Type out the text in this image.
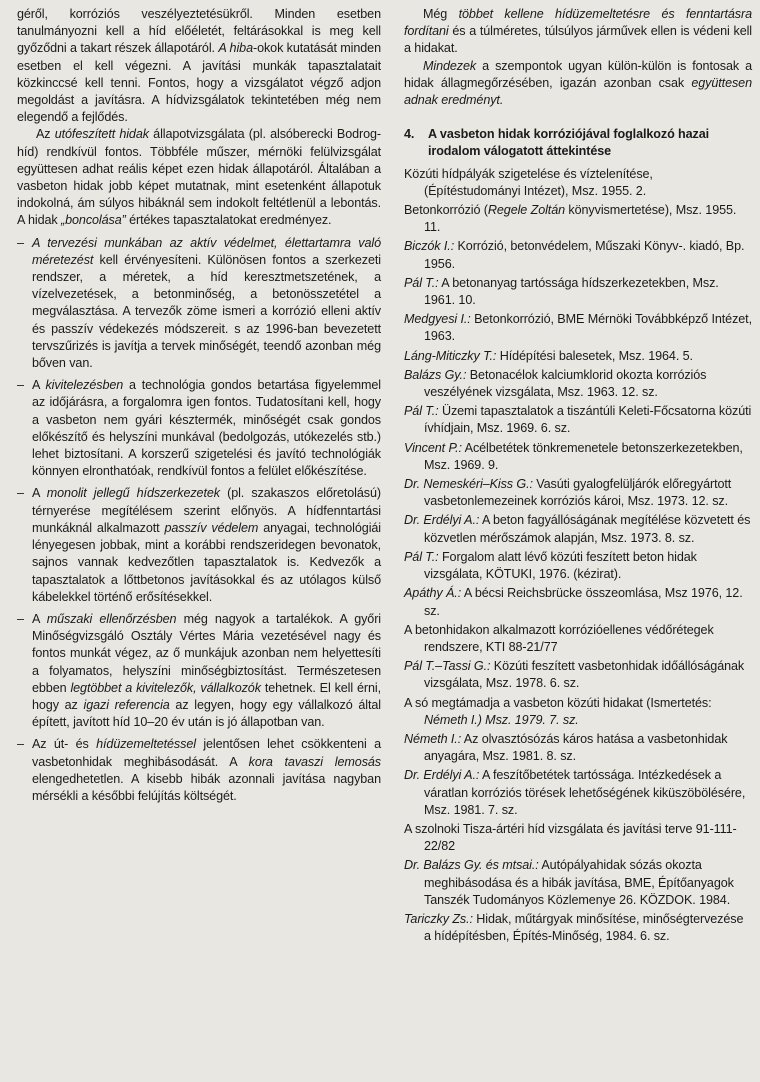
géről, korróziós veszélyeztetésükről. Minden esetben tanulmányozni kell a híd előéletét, feltárásokkal is meg kell győződni a takart részek állapotáról. A hiba-okok kutatását minden esetben el kell végezni. A javítási munkák tapasztalatait közkinccsé kell tenni. Fontos, hogy a vizsgálatot végző adjon megoldást a javításra. A hídvizsgálatok tekintetében még nem elegendő a fejlődés.

Az utófeszített hidak állapotvizsgálata (pl. alsóberecki Bodrog-híd) rendkívül fontos. Többféle műszer, mérnöki felülvizsgálat együttesen adhat reális képet ezen hidak állapotáról. Általában a vasbeton hidak jobb képet mutatnak, mint esetenként állapotuk indokolná, ám súlyos hibáknál sem indokolt feltétlenül a lebontás. A hidak „boncolása” értékes tapasztalatokat eredményez.

– A tervezési munkában az aktív védelmet, élettartamra való méretezést kell érvényesíteni. Különösen fontos a szerkezeti rendszer, a méretek, a híd keresztmetszetének, a vízelvezetések, a betonminőség, a betonösszetétel a megválasztása. A tervezők zöme ismeri a korrózió elleni aktív és passzív védekezés módszereit. s az 1996-ban bevezetett tervszűrizés is javítja a tervek minőségét, teendő azonban még bőven van.

– A kivitelezésben a technológia gondos betartása figyelemmel az időjárásra, a forgalomra igen fontos. Tudatosítani kell, hogy a vasbeton nem gyári késztermék, minőségét csak gondos előkészítő és helyszíni munkával (bedolgozás, utókezelés stb.) lehet biztosítani. A korszerű szigetelési és javító technológiák könnyen elronthatóak, rendkívül fontos a felület előkészítése.

– A monolit jellegű hídszerkezetek (pl. szakaszos előretolású) térnyerése megítélésem szerint előnyös. A hídfenntartási munkáknál alkalmazott passzív védelem anyagai, technológiái lényegesen jobbak, mint a korábbi rendszeridegen bevonatok, sajnos vannak kedvezőtlen tapasztalatok is. Kedvezők a tapasztalatok a lőttbetonos javításokkal és az utólagos külső kábelekkel történő erősítésekkel.

– A műszaki ellenőrzésben még nagyok a tartalékok. A győri Minőségvizsgáló Osztály Vértes Mária vezetésével nagy és fontos munkát végez, az ő munkájuk azonban nem helyettesíti a folyamatos, helyszíni minőségbiztosítást. Természetesen ebben legtöbbet a kivitelezők, vállalkozók tehetnek. El kell érni, hogy az igazi referencia az legyen, hogy egy vállalkozó által épített, javított híd 10–20 év után is jó állapotban van.

– Az út- és hídüzemeltetéssel jelentősen lehet csökkenteni a vasbetonhidak meghibásodását. A kora tavaszi lemosás elengedhetetlen. A kisebb hibák azonnali javítása nagyban mérsékli a későbbi felújítás költségét.

Még többet kellene hídüzemeltetésre és fenntartásra fordítani és a túlméretes, túlsúlyos járművek ellen is védeni kell a hidakat.

Mindezek a szempontok ugyan külön-külön is fontosak a hidak állagmegőrzésében, igazán azonban csak együttesen adnak eredményt.

4. A vasbeton hidak korróziójával foglalkozó hazai irodalom válogatott áttekintése

Közúti hídpályák szigetelése és víztelenítése, (Építéstudományi Intézet), Msz. 1955. 2.

Betonkorrózió (Regele Zoltán könyvismertetése), Msz. 1955. 11.

Biczók I.: Korrózió, betonvédelem, Műszaki Könyv-. kiadó, Bp. 1956.

Pál T.: A betonanyag tartóssága hídszerkezetekben, Msz. 1961. 10.

Medgyesi I.: Betonkorrózió, BME Mérnöki Továbbképző Intézet, 1963.

Láng-Miticzky T.: Hídépítési balesetek, Msz. 1964. 5.

Balázs Gy.: Betonacélok kalciumklorid okozta korróziós veszélyének vizsgálata, Msz. 1963. 12. sz.

Pál T.: Üzemi tapasztalatok a tiszántúli Keleti-Főcsatorna közúti ívhídjain, Msz. 1969. 6. sz.

Vincent P.: Acélbetétek tönkremenetele betonszerkezetekben, Msz. 1969. 9.

Dr. Nemeskéri–Kiss G.: Vasúti gyalogfelüljárók előregyártott vasbetonlemezeinek korróziós károi, Msz. 1973. 12. sz.

Dr. Erdélyi A.: A beton fagyállóságának megítélése közvetett és közvetlen mérőszámok alapján, Msz. 1973. 8. sz.

Pál T.: Forgalom alatt lévő közúti feszített beton hidak vizsgálata, KÖTUKI, 1976. (kézirat).

Apáthy Á.: A bécsi Reichsbrücke összeomlása, Msz 1976, 12. sz.

A betonhidakon alkalmazott korrózióellenes védőrétegek rendszere, KTI 88-21/77

Pál T.–Tassi G.: Közúti feszített vasbetonhidak időállóságának vizsgálata, Msz. 1978. 6. sz.

A só megtámadja a vasbeton közúti hidakat (Ismertetés: Németh I.) Msz. 1979. 7. sz.

Németh I.: Az olvasztósózás káros hatása a vasbetonhidak anyagára, Msz. 1981. 8. sz.

Dr. Erdélyi A.: A feszítőbetétek tartóssága. Intézkedések a váratlan korróziós törések lehetőségének kiküszöbölésére, Msz. 1981. 7. sz.

A szolnoki Tisza-ártéri híd vizsgálata és javítási terve 91-111-22/82

Dr. Balázs Gy. és mtsai.: Autópályahidak sózás okozta meghibásodása és a hibák javítása, BME, Építőanyagok Tanszék Tudományos Közlemenye 26. KÖZDOK. 1984.

Tariczky Zs.: Hidak, műtárgyak minősítése, minőségtervezése a hídépítésben, Építés-Minőség, 1984. 6. sz.
